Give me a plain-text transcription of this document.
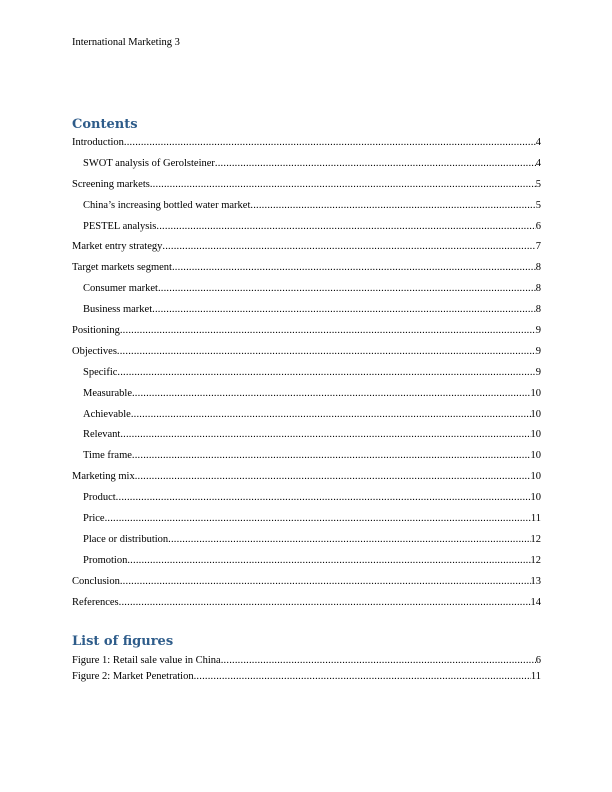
International Marketing 3
Contents
Introduction .....	4
SWOT analysis of Gerolsteiner .....	4
Screening markets .....	5
China’s increasing bottled water market .....	5
PESTEL analysis .....	6
Market entry strategy .....	7
Target markets segment .....	8
Consumer market .....	8
Business market .....	8
Positioning .....	9
Objectives .....	9
Specific .....	9
Measurable .....	10
Achievable .....	10
Relevant .....	10
Time frame .....	10
Marketing mix .....	10
Product .....	10
Price .....	11
Place or distribution .....	12
Promotion .....	12
Conclusion .....	13
References .....	14
List of figures
Figure 1: Retail sale value in China .....	6
Figure 2: Market Penetration .....	11
